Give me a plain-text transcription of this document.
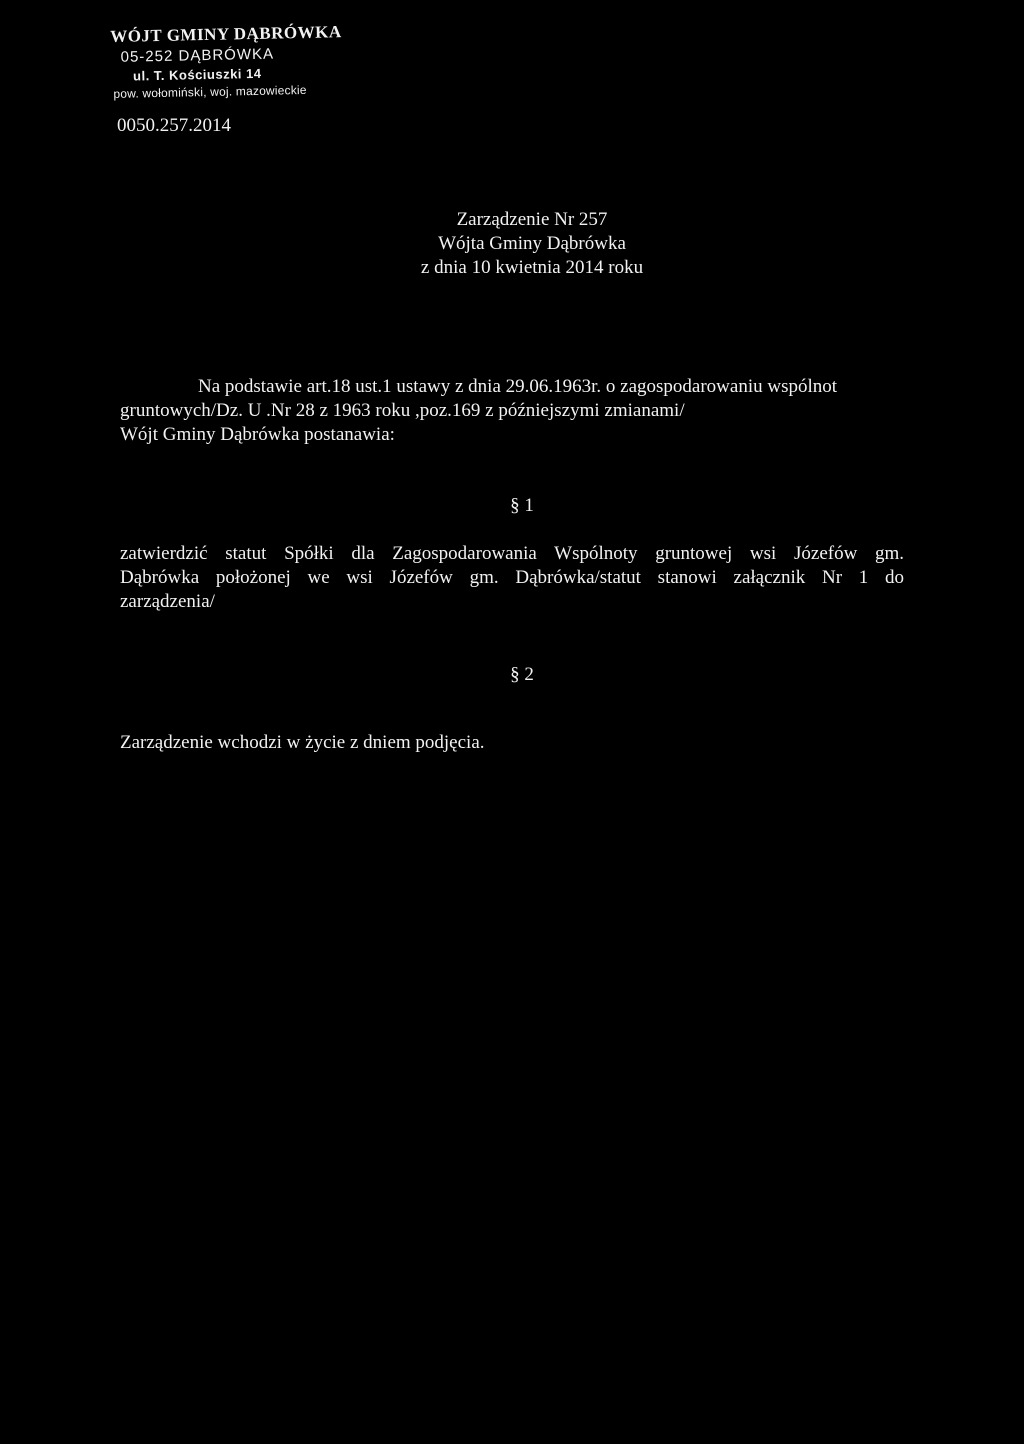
WÓJT GMINY DĄBRÓWKA
05-252 DĄBRÓWKA
ul. T. Kościuszki 14
pow. wołomiński, woj. mazowieckie
0050.257.2014
Zarządzenie Nr 257
Wójta Gminy Dąbrówka
z dnia 10 kwietnia 2014 roku
Na podstawie art.18 ust.1 ustawy z dnia 29.06.1963r. o zagospodarowaniu wspólnot
gruntowych/Dz. U .Nr 28 z 1963 roku ,poz.169 z późniejszymi zmianami/
Wójt Gminy Dąbrówka postanawia:
§ 1
zatwierdzić statut Spółki dla Zagospodarowania Wspólnoty gruntowej wsi Józefów gm.
Dąbrówka położonej we wsi Józefów gm. Dąbrówka/statut stanowi załącznik Nr 1 do
zarządzenia/
§ 2
Zarządzenie wchodzi w życie z dniem podjęcia.
